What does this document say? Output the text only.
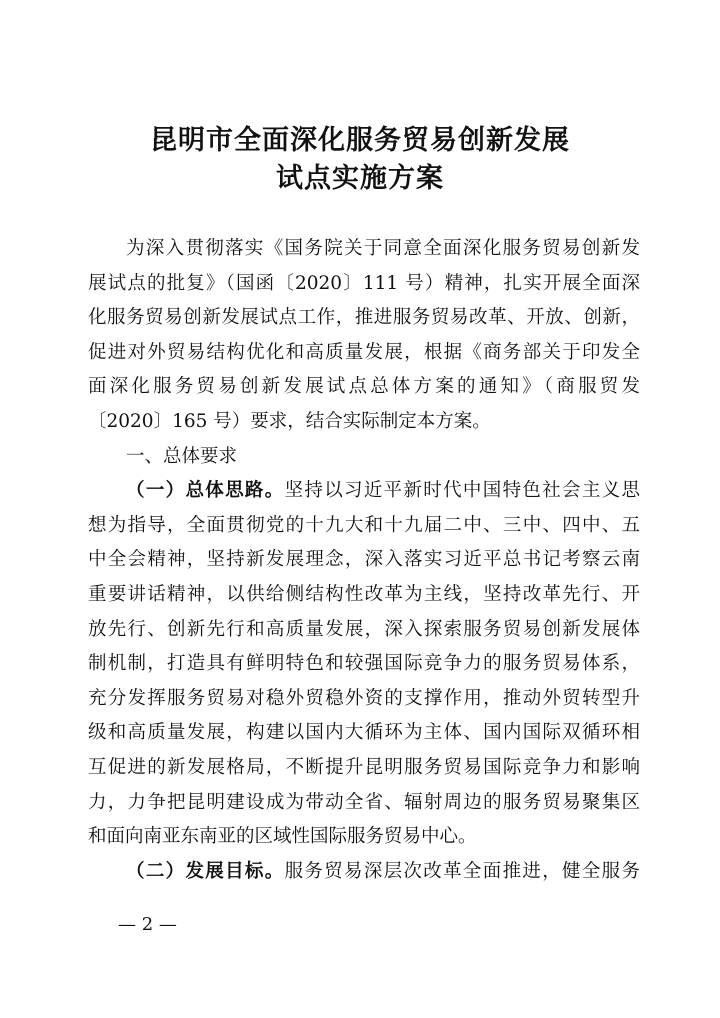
昆明市全面深化服务贸易创新发展
试点实施方案
为深入贯彻落实《国务院关于同意全面深化服务贸易创新发
展试点的批复》（国函〔2020〕111 号）精神，扎实开展全面深
化服务贸易创新发展试点工作，推进服务贸易改革、开放、创新，
促进对外贸易结构优化和高质量发展，根据《商务部关于印发全
面深化服务贸易创新发展试点总体方案的通知》（商服贸发
〔2020〕165 号）要求，结合实际制定本方案。
一、总体要求
（一）总体思路。坚持以习近平新时代中国特色社会主义思
想为指导，全面贯彻党的十九大和十九届二中、三中、四中、五
中全会精神，坚持新发展理念，深入落实习近平总书记考察云南
重要讲话精神，以供给侧结构性改革为主线，坚持改革先行、开
放先行、创新先行和高质量发展，深入探索服务贸易创新发展体
制机制，打造具有鲜明特色和较强国际竞争力的服务贸易体系，
充分发挥服务贸易对稳外贸稳外资的支撑作用，推动外贸转型升
级和高质量发展，构建以国内大循环为主体、国内国际双循环相
互促进的新发展格局，不断提升昆明服务贸易国际竞争力和影响
力，力争把昆明建设成为带动全省、辐射周边的服务贸易聚集区
和面向南亚东南亚的区域性国际服务贸易中心。
（二）发展目标。服务贸易深层次改革全面推进，健全服务
— 2 —
